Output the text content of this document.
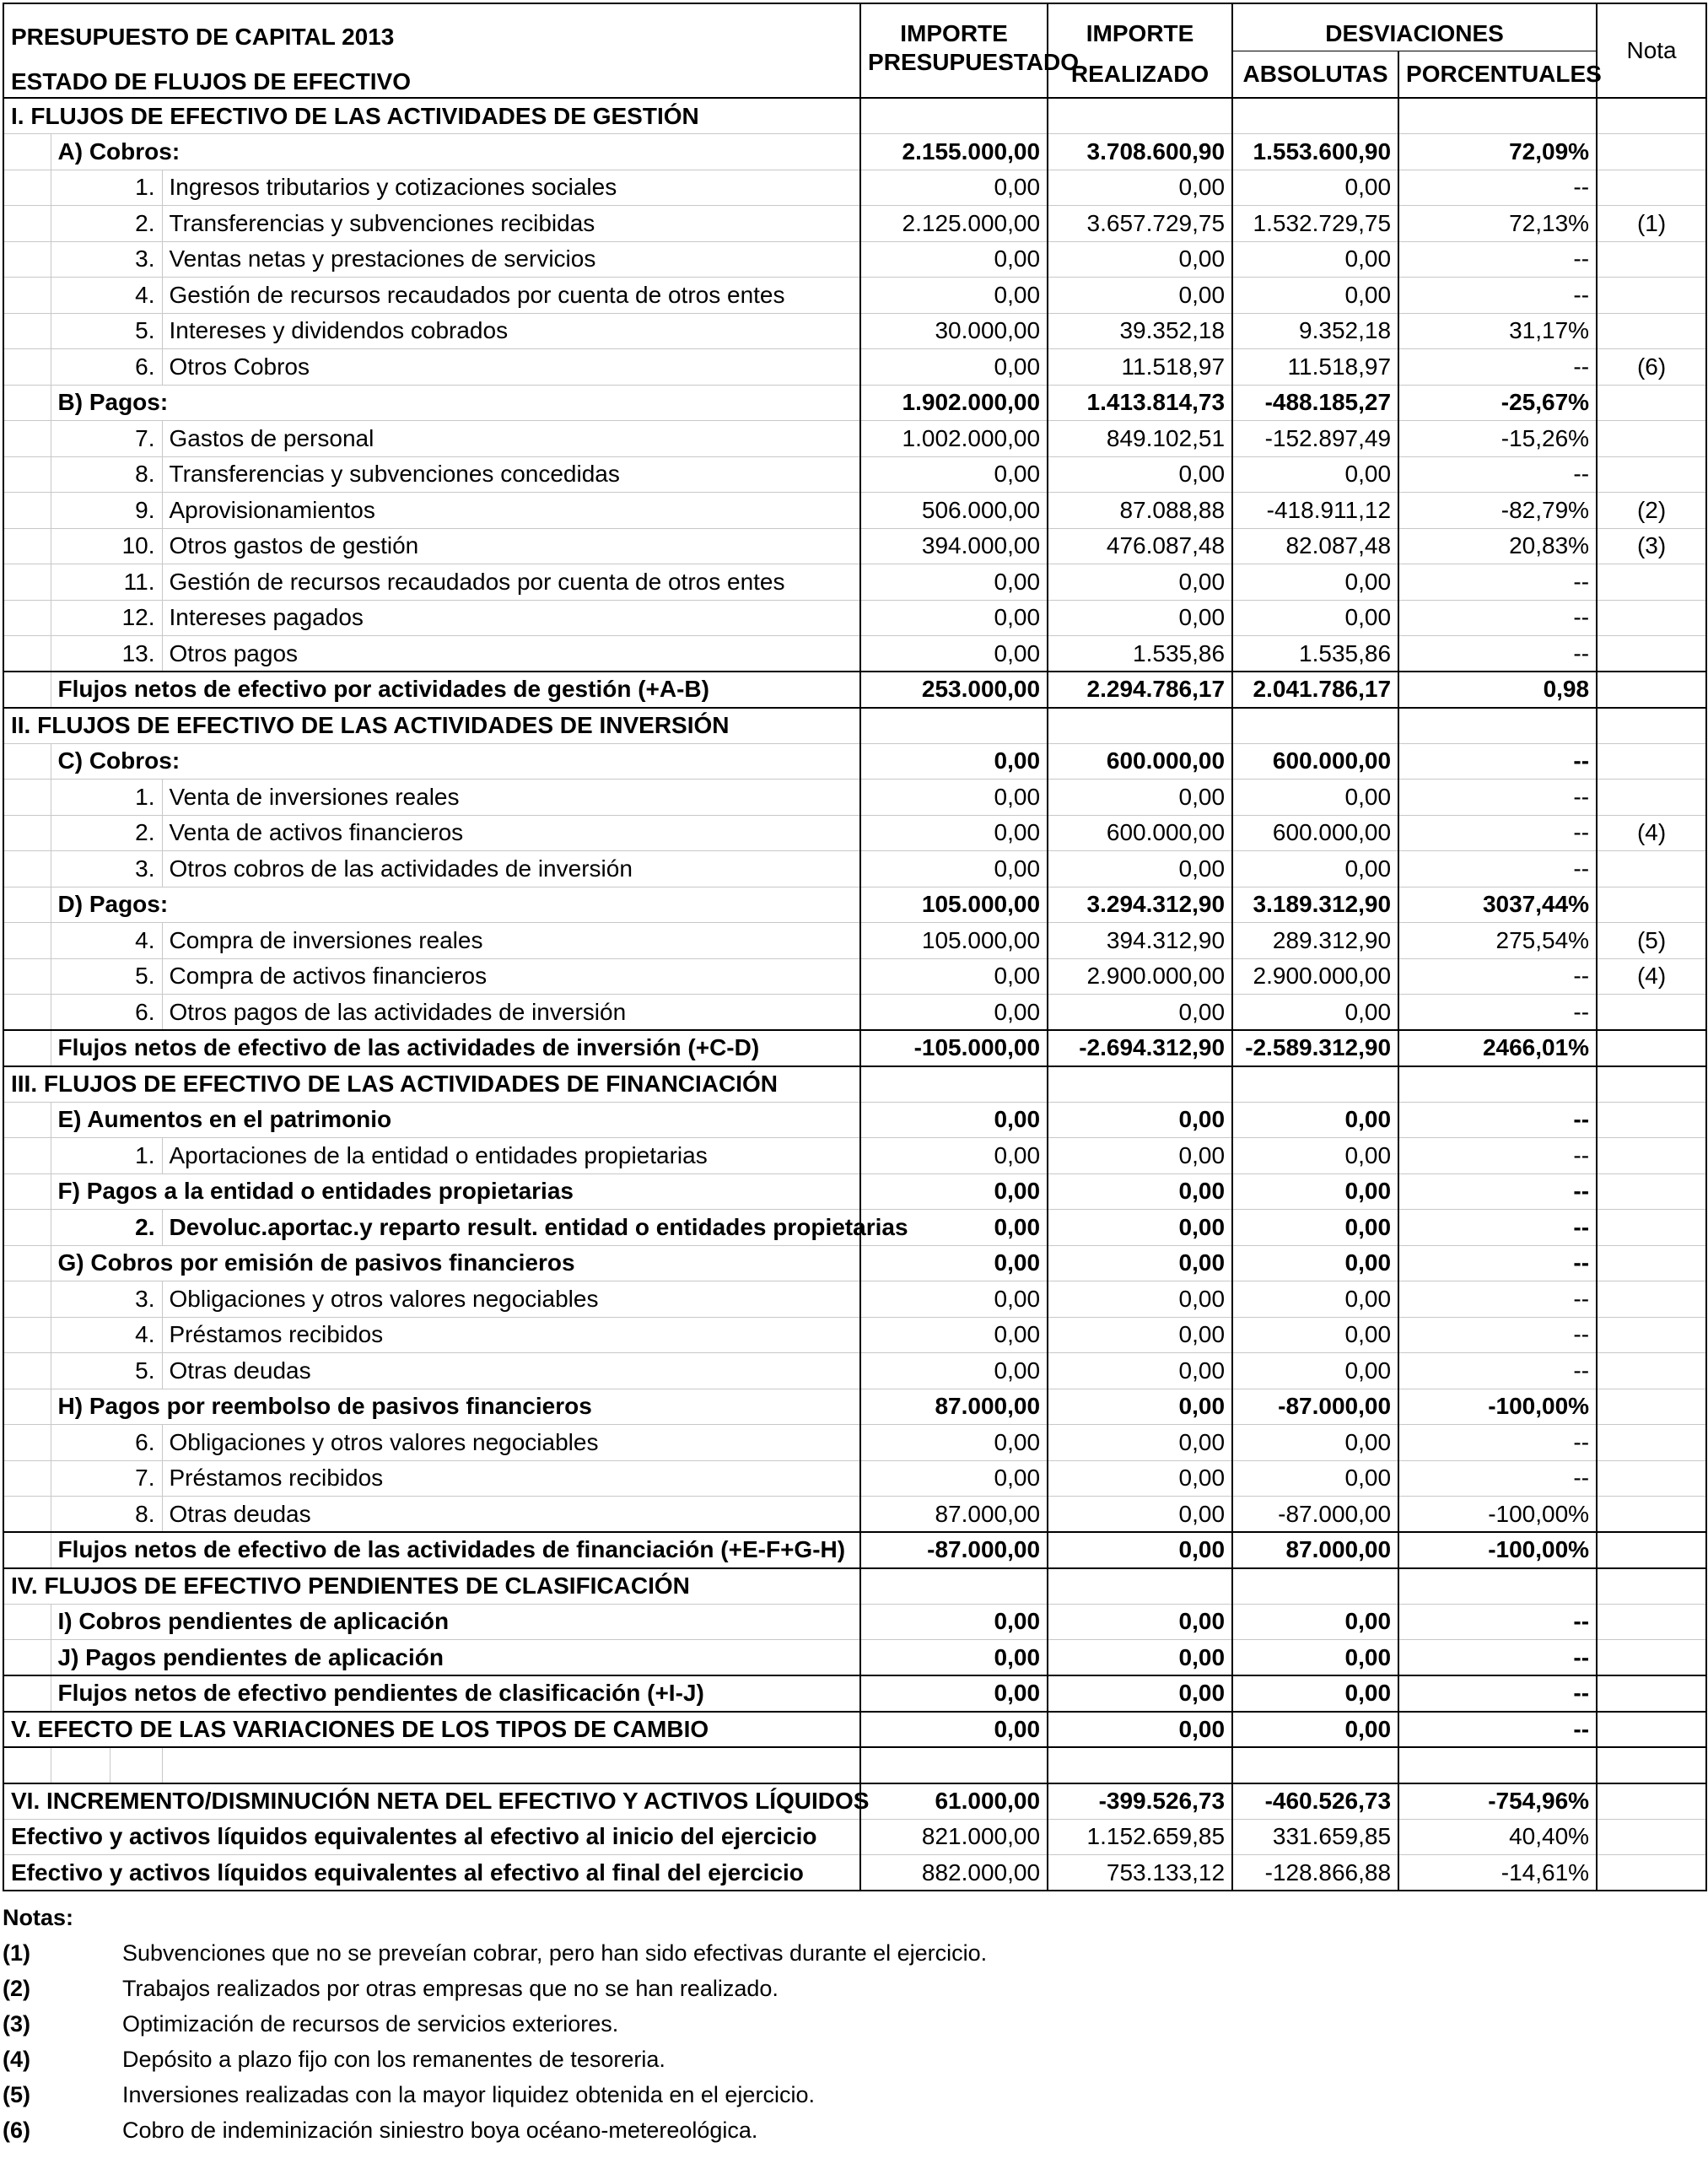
PRESUPUESTO DE CAPITAL 2013				IMPORTE	IMPORTE	DESVIACIONES		Nota
ESTADO DE FLUJOS DE EFECTIVO				PRESUPUESTADO	REALIZADO	ABSOLUTAS	PORCENTUALES	
I. FLUJOS DE EFECTIVO DE LAS ACTIVIDADES DE GESTIÓN								
	A) Cobros:			2.155.000,00	3.708.600,90	1.553.600,90	72,09%	
		1.	Ingresos tributarios y cotizaciones sociales	0,00	0,00	0,00	--	
		2.	Transferencias y subvenciones recibidas	2.125.000,00	3.657.729,75	1.532.729,75	72,13%	(1)
		3.	Ventas netas y prestaciones de servicios	0,00	0,00	0,00	--	
		4.	Gestión de recursos recaudados por cuenta de otros entes	0,00	0,00	0,00	--	
		5.	Intereses y dividendos cobrados	30.000,00	39.352,18	9.352,18	31,17%	
		6.	Otros Cobros	0,00	11.518,97	11.518,97	--	(6)
	B) Pagos:			1.902.000,00	1.413.814,73	-488.185,27	-25,67%	
		7.	Gastos de personal	1.002.000,00	849.102,51	-152.897,49	-15,26%	
		8.	Transferencias y subvenciones concedidas	0,00	0,00	0,00	--	
		9.	Aprovisionamientos	506.000,00	87.088,88	-418.911,12	-82,79%	(2)
		10.	Otros gastos de gestión	394.000,00	476.087,48	82.087,48	20,83%	(3)
		11.	Gestión de recursos recaudados por cuenta de otros entes	0,00	0,00	0,00	--	
		12.	Intereses pagados	0,00	0,00	0,00	--	
		13.	Otros pagos	0,00	1.535,86	1.535,86	--	
	Flujos netos de efectivo por actividades de gestión (+A-B)			253.000,00	2.294.786,17	2.041.786,17	0,98	
II. FLUJOS DE EFECTIVO DE LAS ACTIVIDADES DE INVERSIÓN								
	C) Cobros:			0,00	600.000,00	600.000,00	--	
		1.	Venta de inversiones reales	0,00	0,00	0,00	--	
		2.	Venta de activos financieros	0,00	600.000,00	600.000,00	--	(4)
		3.	Otros cobros de las actividades de inversión	0,00	0,00	0,00	--	
	D) Pagos:			105.000,00	3.294.312,90	3.189.312,90	3037,44%	
		4.	Compra de inversiones reales	105.000,00	394.312,90	289.312,90	275,54%	(5)
		5.	Compra de activos financieros	0,00	2.900.000,00	2.900.000,00	--	(4)
		6.	Otros pagos de las actividades de inversión	0,00	0,00	0,00	--	
	Flujos netos de efectivo de las actividades de inversión (+C-D)			-105.000,00	-2.694.312,90	-2.589.312,90	2466,01%	
III. FLUJOS DE EFECTIVO DE LAS ACTIVIDADES DE FINANCIACIÓN								
	E) Aumentos en el patrimonio			0,00	0,00	0,00	--	
		1.	Aportaciones de la entidad o entidades propietarias	0,00	0,00	0,00	--	
	F) Pagos a la entidad o entidades propietarias			0,00	0,00	0,00	--	
		2.	Devoluc.aportac.y reparto result. entidad o entidades propietarias	0,00	0,00	0,00	--	
	G) Cobros por emisión de pasivos financieros			0,00	0,00	0,00	--	
		3.	Obligaciones y otros valores negociables	0,00	0,00	0,00	--	
		4.	Préstamos recibidos	0,00	0,00	0,00	--	
		5.	Otras deudas	0,00	0,00	0,00	--	
	H) Pagos por reembolso de pasivos financieros			87.000,00	0,00	-87.000,00	-100,00%	
		6.	Obligaciones y otros valores negociables	0,00	0,00	0,00	--	
		7.	Préstamos recibidos	0,00	0,00	0,00	--	
		8.	Otras deudas	87.000,00	0,00	-87.000,00	-100,00%	
	Flujos netos de efectivo de las actividades de financiación (+E-F+G-H)			-87.000,00	0,00	87.000,00	-100,00%	
IV. FLUJOS DE EFECTIVO PENDIENTES DE CLASIFICACIÓN								
	I) Cobros pendientes de aplicación			0,00	0,00	0,00	--	
	J) Pagos pendientes de aplicación			0,00	0,00	0,00	--	
	Flujos netos de efectivo pendientes de clasificación (+I-J)			0,00	0,00	0,00	--	
V. EFECTO DE LAS VARIACIONES DE LOS TIPOS DE CAMBIO				0,00	0,00	0,00	--	

VI. INCREMENTO/DISMINUCIÓN NETA DEL EFECTIVO Y ACTIVOS LÍQUIDOS				61.000,00	-399.526,73	-460.526,73	-754,96%	
Efectivo y activos líquidos equivalentes al efectivo al inicio del ejercicio				821.000,00	1.152.659,85	331.659,85	40,40%	
Efectivo y activos líquidos equivalentes al efectivo al final del ejercicio				882.000,00	753.133,12	-128.866,88	-14,61%	
Notas:
(1)	Subvenciones que no se preveían cobrar, pero han sido efectivas durante el ejercicio.
(2)	Trabajos realizados por otras empresas que no se han realizado.
(3)	Optimización de recursos de servicios exteriores.
(4)	Depósito a plazo fijo con los remanentes de tesoreria.
(5)	Inversiones realizadas con la mayor liquidez obtenida en el ejercicio.
(6)	Cobro de indeminización siniestro boya océano-metereológica.
